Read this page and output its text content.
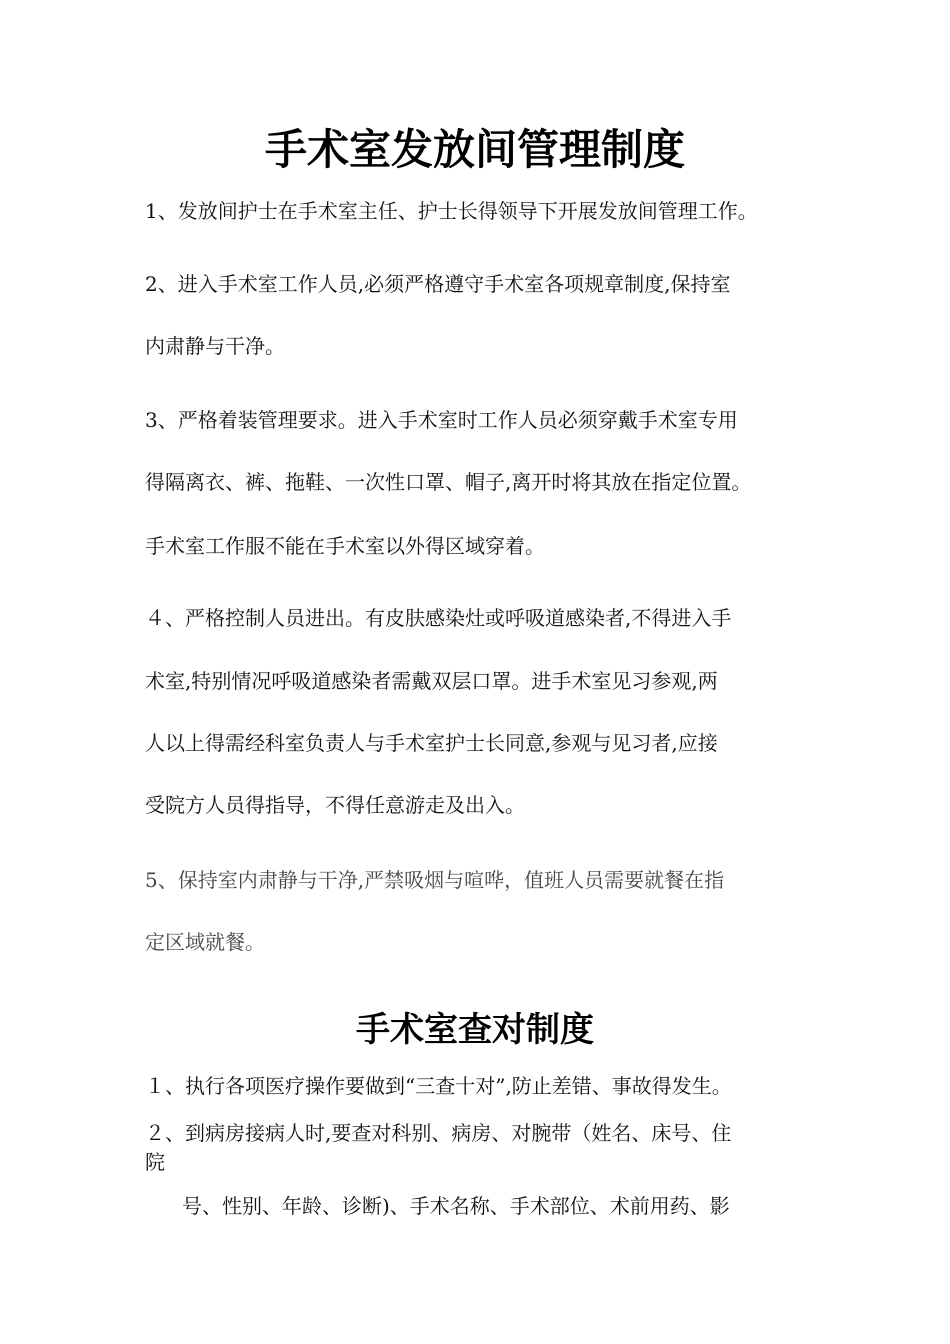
手术室发放间管理制度

1、发放间护士在手术室主任、护士长得领导下开展发放间管理工作。

2、进入手术室工作人员,必须严格遵守手术室各项规章制度,保持室

内肃静与干净。

3、严格着装管理要求。进入手术室时工作人员必须穿戴手术室专用

得隔离衣、裤、拖鞋、一次性口罩、帽子,离开时将其放在指定位置。

手术室工作服不能在手术室以外得区域穿着。

４、严格控制人员进出。有皮肤感染灶或呼吸道感染者,不得进入手

术室,特别情况呼吸道感染者需戴双层口罩。进手术室见习参观,两

人以上得需经科室负责人与手术室护士长同意,参观与见习者,应接

受院方人员得指导，不得任意游走及出入。

5、保持室内肃静与干净,严禁吸烟与喧哗，值班人员需要就餐在指

定区域就餐。

手术室查对制度

１、执行各项医疗操作要做到“三查十对”,防止差错、事故得发生。

２、到病房接病人时,要查对科别、病房、对腕带（姓名、床号、住

院

号、性别、年龄、诊断)、手术名称、手术部位、术前用药、影
